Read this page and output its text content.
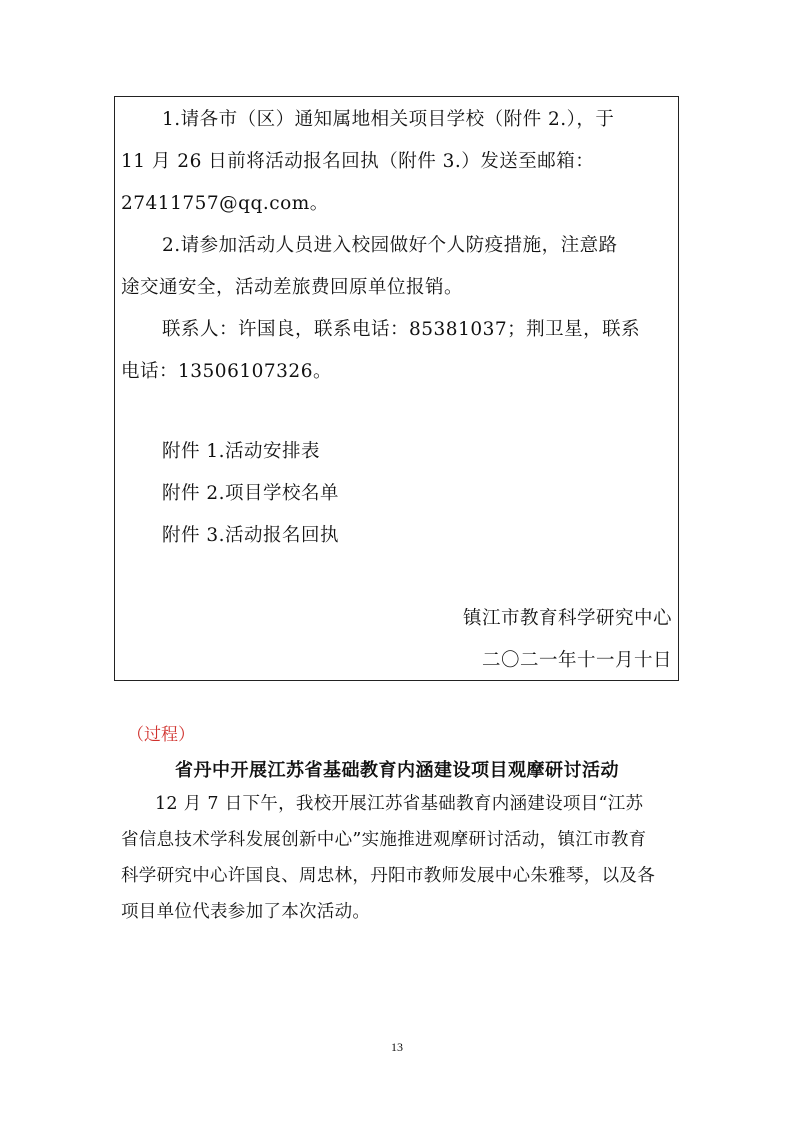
1.请各市（区）通知属地相关项目学校（附件 2.），于
11 月 26 日前将活动报名回执（附件 3.）发送至邮箱：
27411757@qq.com。
2.请参加活动人员进入校园做好个人防疫措施，注意路
途交通安全，活动差旅费回原单位报销。
联系人：许国良，联系电话：85381037；荆卫星，联系
电话：13506107326。
附件 1.活动安排表
附件 2.项目学校名单
附件 3.活动报名回执
镇江市教育科学研究中心
二〇二一年十一月十日
（过程）
省丹中开展江苏省基础教育内涵建设项目观摩研讨活动
12 月 7 日下午，我校开展江苏省基础教育内涵建设项目“江苏
省信息技术学科发展创新中心”实施推进观摩研讨活动，镇江市教育
科学研究中心许国良、周忠林，丹阳市教师发展中心朱雅琴，以及各
项目单位代表参加了本次活动。
13
